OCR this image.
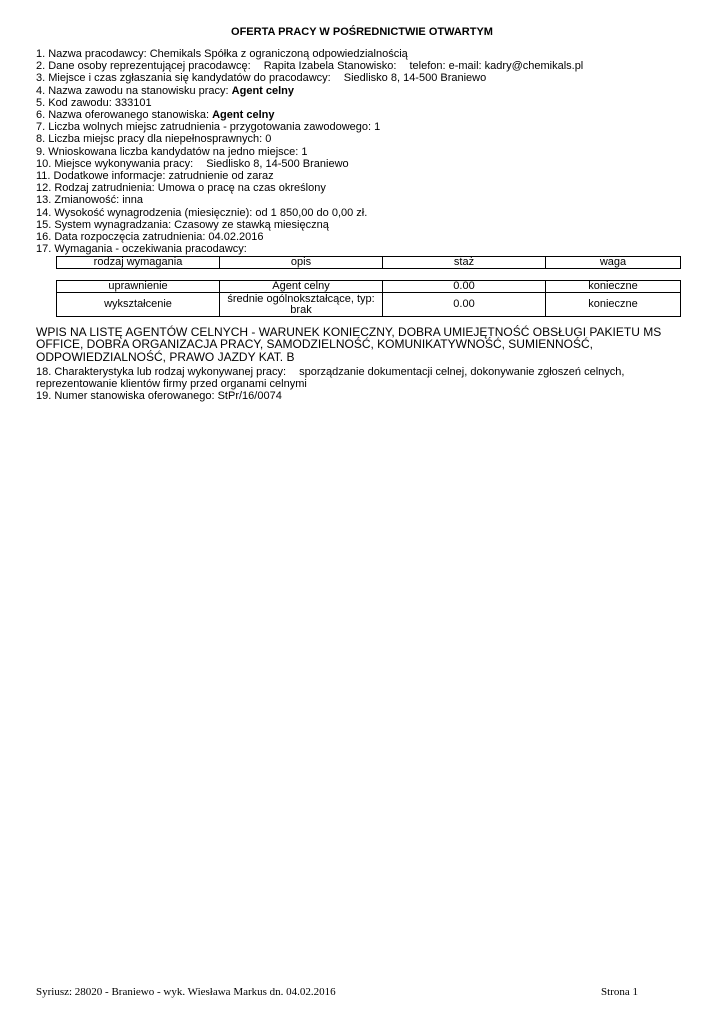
OFERTA PRACY W POŚREDNICTWIE OTWARTYM
1. Nazwa pracodawcy: Chemikals Spółka z ograniczoną odpowiedzialnością
2. Dane osoby reprezentującej pracodawcę: Rapita Izabela Stanowisko: telefon: e-mail: kadry@chemikals.pl
3. Miejsce i czas zgłaszania się kandydatów do pracodawcy: Siedlisko 8, 14-500 Braniewo
4. Nazwa zawodu na stanowisku pracy: Agent celny
5. Kod zawodu: 333101
6. Nazwa oferowanego stanowiska: Agent celny
7. Liczba wolnych miejsc zatrudnienia - przygotowania zawodowego: 1
8. Liczba miejsc pracy dla niepełnosprawnych: 0
9. Wnioskowana liczba kandydatów na jedno miejsce: 1
10. Miejsce wykonywania pracy: Siedlisko 8, 14-500 Braniewo
11. Dodatkowe informacje: zatrudnienie od zaraz
12. Rodzaj zatrudnienia: Umowa o pracę na czas określony
13. Zmianowość: inna
14. Wysokość wynagrodzenia (miesięcznie): od 1 850,00 do 0,00 zł.
15. System wynagradzania: Czasowy ze stawką miesięczną
16. Data rozpoczęcia zatrudnienia: 04.02.2016
17. Wymagania - oczekiwania pracodawcy:
rodzaj wymagania	opis	staż	waga
uprawnienie	Agent celny	0.00	konieczne
wykształcenie	średnie ogólnokształcące, typ: brak	0.00	konieczne
WPIS NA LISTĘ AGENTÓW CELNYCH - WARUNEK KONIECZNY, DOBRA UMIEJĘTNOŚĆ OBSŁUGI PAKIETU MS OFFICE, DOBRA ORGANIZACJA PRACY, SAMODZIELNOŚĆ, KOMUNIKATYWNOŚĆ, SUMIENNOŚĆ, ODPOWIEDZIALNOŚĆ, PRAWO JAZDY KAT. B
18. Charakterystyka lub rodzaj wykonywanej pracy: sporządzanie dokumentacji celnej, dokonywanie zgłoszeń celnych,
reprezentowanie klientów firmy przed organami celnymi
19. Numer stanowiska oferowanego: StPr/16/0074
Syriusz: 28020 - Braniewo - wyk. Wiesława Markus dn. 04.02.2016	Strona 1
